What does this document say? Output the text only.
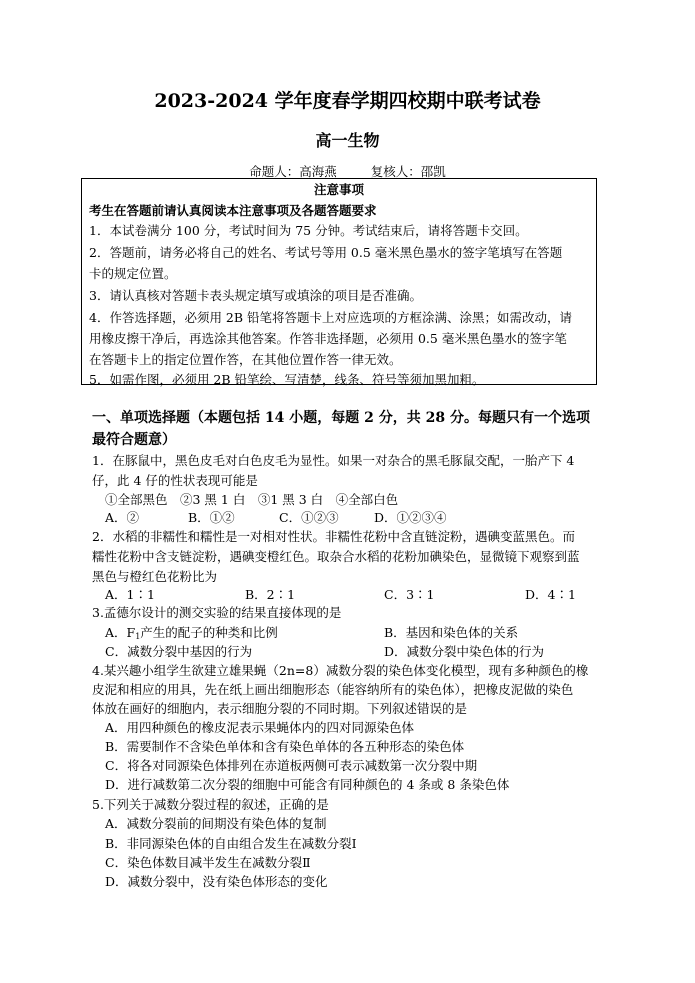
2023-2024 学年度春学期四校期中联考试卷
高一生物
命题人：高海燕	复核人：邵凯
注意事项
考生在答题前请认真阅读本注意事项及各题答题要求
1．本试卷满分 100 分，考试时间为 75 分钟。考试结束后，请将答题卡交回。
2．答题前，请务必将自己的姓名、考试号等用 0.5 毫米黑色墨水的签字笔填写在答题
卡的规定位置。
3．请认真核对答题卡表头规定填写或填涂的项目是否准确。
4．作答选择题，必须用 2B 铅笔将答题卡上对应选项的方框涂满、涂黑；如需改动，请
用橡皮擦干净后，再选涂其他答案。作答非选择题，必须用 0.5 毫米黑色墨水的签字笔
在答题卡上的指定位置作答，在其他位置作答一律无效。
5．如需作图，必须用 2B 铅笔绘、写清楚，线条、符号等须加黑加粗。
一、单项选择题（本题包括 14 小题，每题 2 分，共 28 分。每题只有一个选项
最符合题意）
1．在豚鼠中，黑色皮毛对白色皮毛为显性。如果一对杂合的黑毛豚鼠交配，一胎产下 4
仔，此 4 仔的性状表现可能是
①全部黑色　②3 黑 1 白　③1 黑 3 白　④全部白色
A．②	B．①②	C．①②③	D．①②③④
2．水稻的非糯性和糯性是一对相对性状。非糯性花粉中含直链淀粉，遇碘变蓝黑色。而
糯性花粉中含支链淀粉，遇碘变橙红色。取杂合水稻的花粉加碘染色，显微镜下观察到蓝
黑色与橙红色花粉比为
A．1∶1	B．2∶1	C．3∶1	D．4∶1
3.孟德尔设计的测交实验的结果直接体现的是
A．$F_1$产生的配子的种类和比例	B．基因和染色体的关系
C．减数分裂中基因的行为	D．减数分裂中染色体的行为
4.某兴趣小组学生欲建立雄果蝇（2n=8）减数分裂的染色体变化模型，现有多种颜色的橡
皮泥和相应的用具，先在纸上画出细胞形态（能容纳所有的染色体），把橡皮泥做的染色
体放在画好的细胞内，表示细胞分裂的不同时期。下列叙述错误的是
A．用四种颜色的橡皮泥表示果蝇体内的四对同源染色体
B．需要制作不含染色单体和含有染色单体的各五种形态的染色体
C．将各对同源染色体排列在赤道板两侧可表示减数第一次分裂中期
D．进行减数第二次分裂的细胞中可能含有同种颜色的 4 条或 8 条染色体
5.下列关于减数分裂过程的叙述，正确的是
A．减数分裂前的间期没有染色体的复制
B．非同源染色体的自由组合发生在减数分裂Ⅰ
C．染色体数目减半发生在减数分裂Ⅱ
D．减数分裂中，没有染色体形态的变化
